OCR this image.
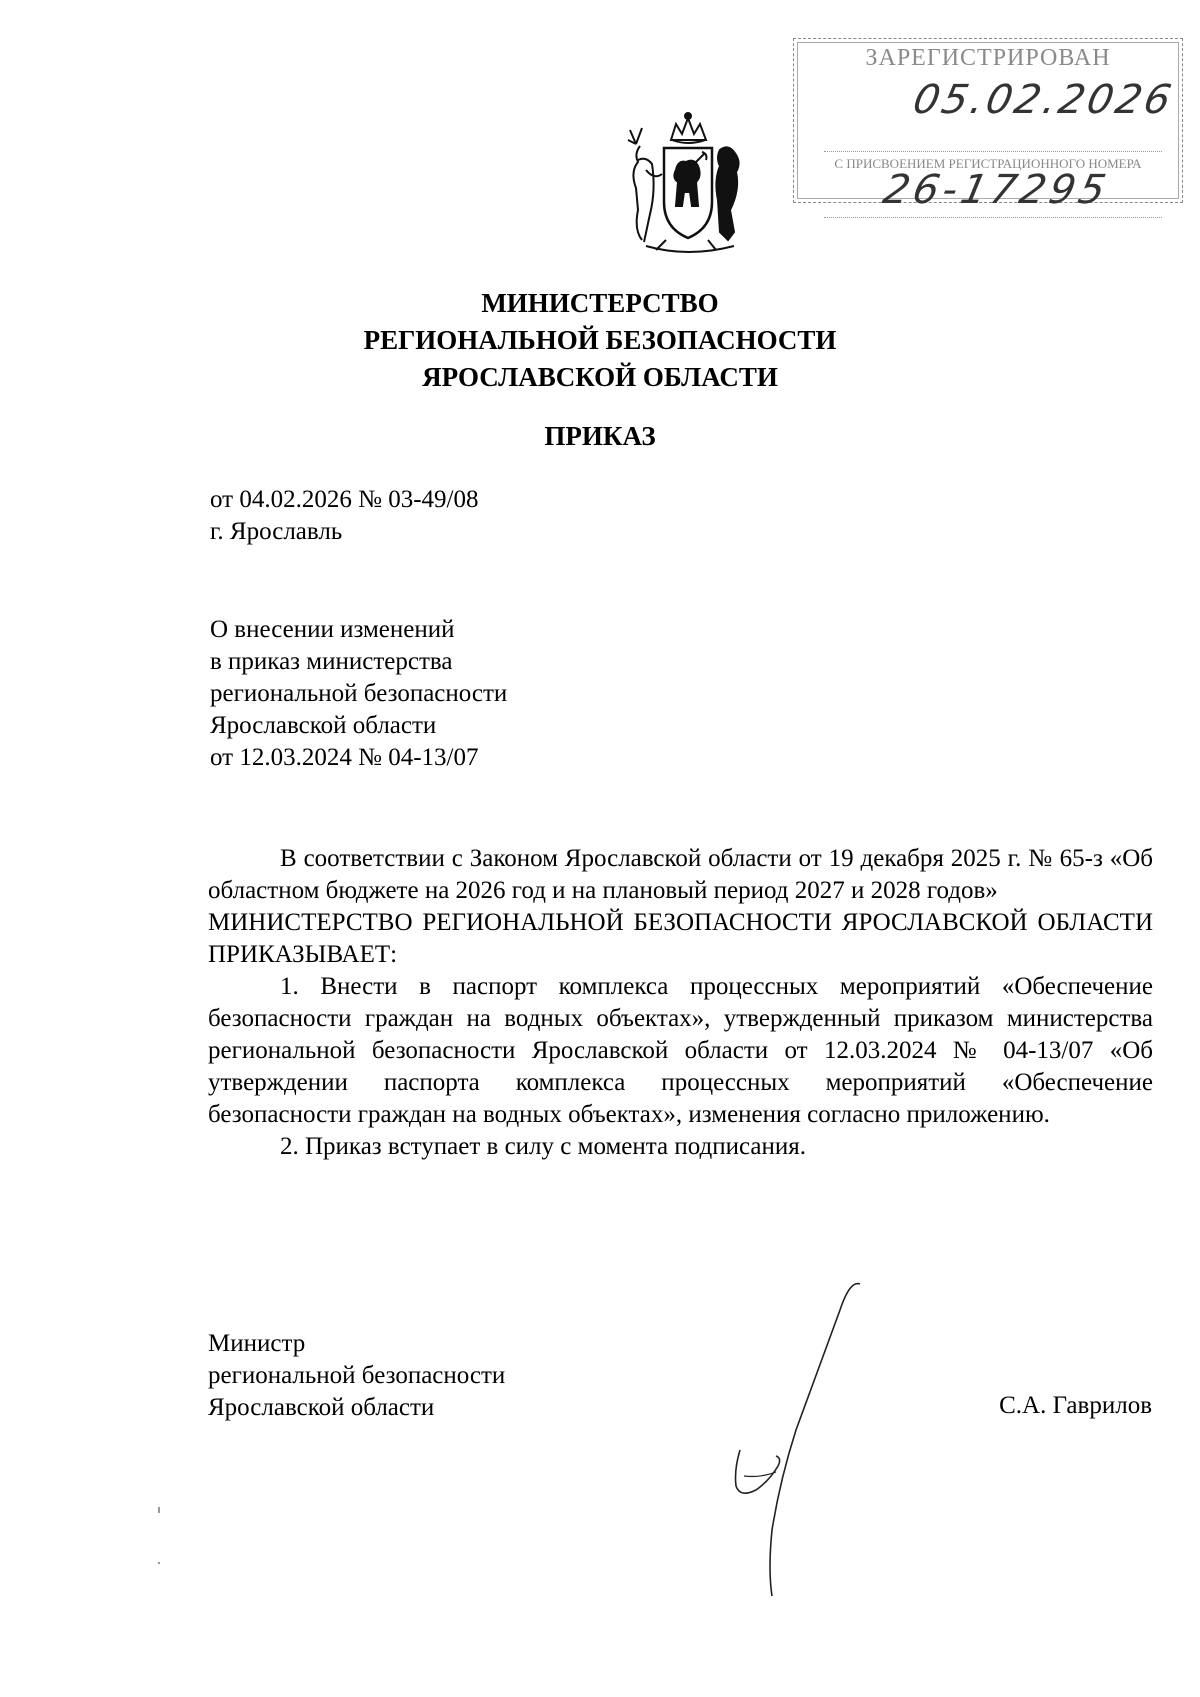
ЗАРЕГИСТРИРОВАН
05.02.2026
С ПРИСВОЕНИЕМ РЕГИСТРАЦИОННОГО НОМЕРА
26-17295
МИНИСТЕРСТВО
РЕГИОНАЛЬНОЙ БЕЗОПАСНОСТИ
ЯРОСЛАВСКОЙ ОБЛАСТИ
ПРИКАЗ
от 04.02.2026 № 03-49/08
г. Ярославль
О внесении изменений
в приказ министерства
региональной безопасности
Ярославской области
от 12.03.2024 № 04-13/07

В соответствии с Законом Ярославской области от 19 декабря 2025 г. № 65-з «Об областном бюджете на 2026 год и на плановый период 2027 и 2028 годов»

МИНИСТЕРСТВО РЕГИОНАЛЬНОЙ БЕЗОПАСНОСТИ ЯРОСЛАВСКОЙ ОБЛАСТИ ПРИКАЗЫВАЕТ:

1. Внести в паспорт комплекса процессных мероприятий «Обеспечение безопасности граждан на водных объектах», утвержденный приказом министерства региональной безопасности Ярославской области от 12.03.2024 № 04-13/07 «Об утверждении паспорта комплекса процессных мероприятий «Обеспечение безопасности граждан на водных объектах», изменения согласно приложению.

2. Приказ вступает в силу с момента подписания.

Министр
региональной безопасности
Ярославской области	С.А. Гаврилов
